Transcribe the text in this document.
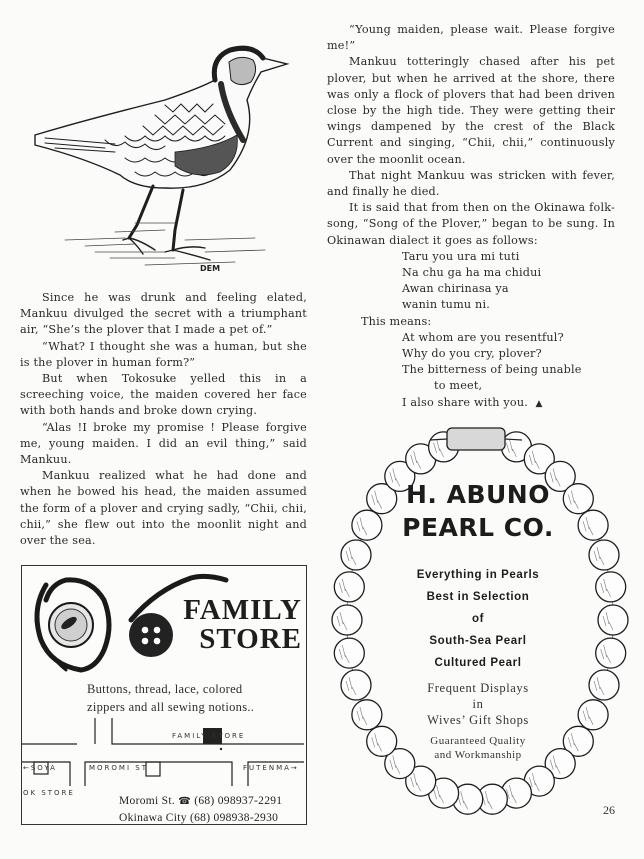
DEM

Since he was drunk and feeling elated, Mankuu divulged the secret with a triumphant air, “She’s the plover that I made a pet of.”

“What? I thought she was a human, but she is the plover in human form?”

But when Tokosuke yelled this in a screeching voice, the maiden covered her face with both hands and broke down crying.

“Alas !I broke my promise ! Please forgive me, young maiden. I did an evil thing,” said Mankuu.

Mankuu realized what he had done and when he bowed his head, the maiden assumed the form of a plover and crying sadly, “Chii, chii, chii,” she flew out into the moonlit night and over the sea.

“Young maiden, please wait. Please forgive me!”

Mankuu totteringly chased after his pet plover, but when he arrived at the shore, there was only a flock of plovers that had been driven close by the high tide. They were getting their wings dampened by the crest of the Black Current and singing, “Chii, chii,” continuously over the moonlit ocean.

That night Mankuu was stricken with fever, and finally he died.

It is said that from then on the Okinawa folk-song, “Song of the Plover,” began to be sung. In Okinawan dialect it goes as follows:

Taru you ura mi tuti
Na chu ga ha ma chidui
Awan chirinasa ya
wanin tumu ni.
This means:
At whom are you resentful?
Why do you cry, plover?
The bitterness of being unable
to meet,
I also share with you. ▲
FAMILY
STORE
Buttons, thread, lace, colored
zippers and all sewing notions..
FAMILY STORE
←SOYA	MOROMI ST	FUTENMA→
OK STORE
Moromi St. ☎ (68) 098937-2291
Okinawa City (68) 098938-2930
H. ABUNO
PEARL CO.
Everything in Pearls
Best in Selection
of
South-Sea Pearl
Cultured Pearl
Frequent Displays
in
Wives’ Gift Shops
Guaranteed Quality
and Workmanship
26
